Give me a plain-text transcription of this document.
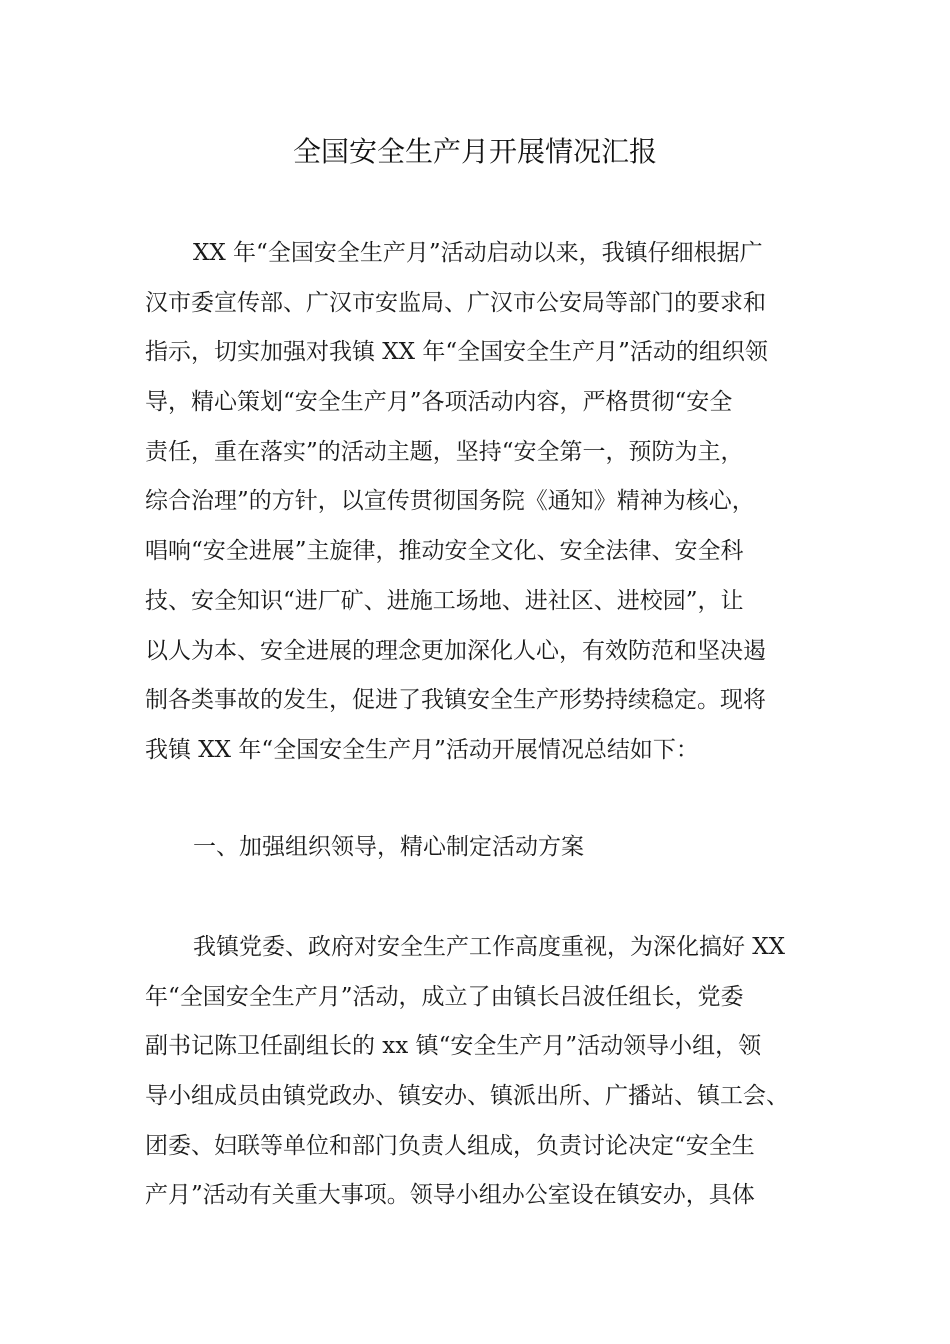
全国安全生产月开展情况汇报
XX 年“全国安全生产月”活动启动以来，我镇仔细根据广
汉市委宣传部、广汉市安监局、广汉市公安局等部门的要求和
指示，切实加强对我镇 XX 年“全国安全生产月”活动的组织领
导，精心策划“安全生产月”各项活动内容，严格贯彻“安全
责任，重在落实”的活动主题，坚持“安全第一，预防为主，
综合治理”的方针，以宣传贯彻国务院《通知》精神为核心，
唱响“安全进展”主旋律，推动安全文化、安全法律、安全科
技、安全知识“进厂矿、进施工场地、进社区、进校园”，让
以人为本、安全进展的理念更加深化人心，有效防范和坚决遏
制各类事故的发生，促进了我镇安全生产形势持续稳定。现将
我镇 XX 年“全国安全生产月”活动开展情况总结如下：
一、加强组织领导，精心制定活动方案
我镇党委、政府对安全生产工作高度重视，为深化搞好 XX
年“全国安全生产月”活动，成立了由镇长吕波任组长，党委
副书记陈卫任副组长的 xx 镇“安全生产月”活动领导小组，领
导小组成员由镇党政办、镇安办、镇派出所、广播站、镇工会、
团委、妇联等单位和部门负责人组成，负责讨论决定“安全生
产月”活动有关重大事项。领导小组办公室设在镇安办，具体
